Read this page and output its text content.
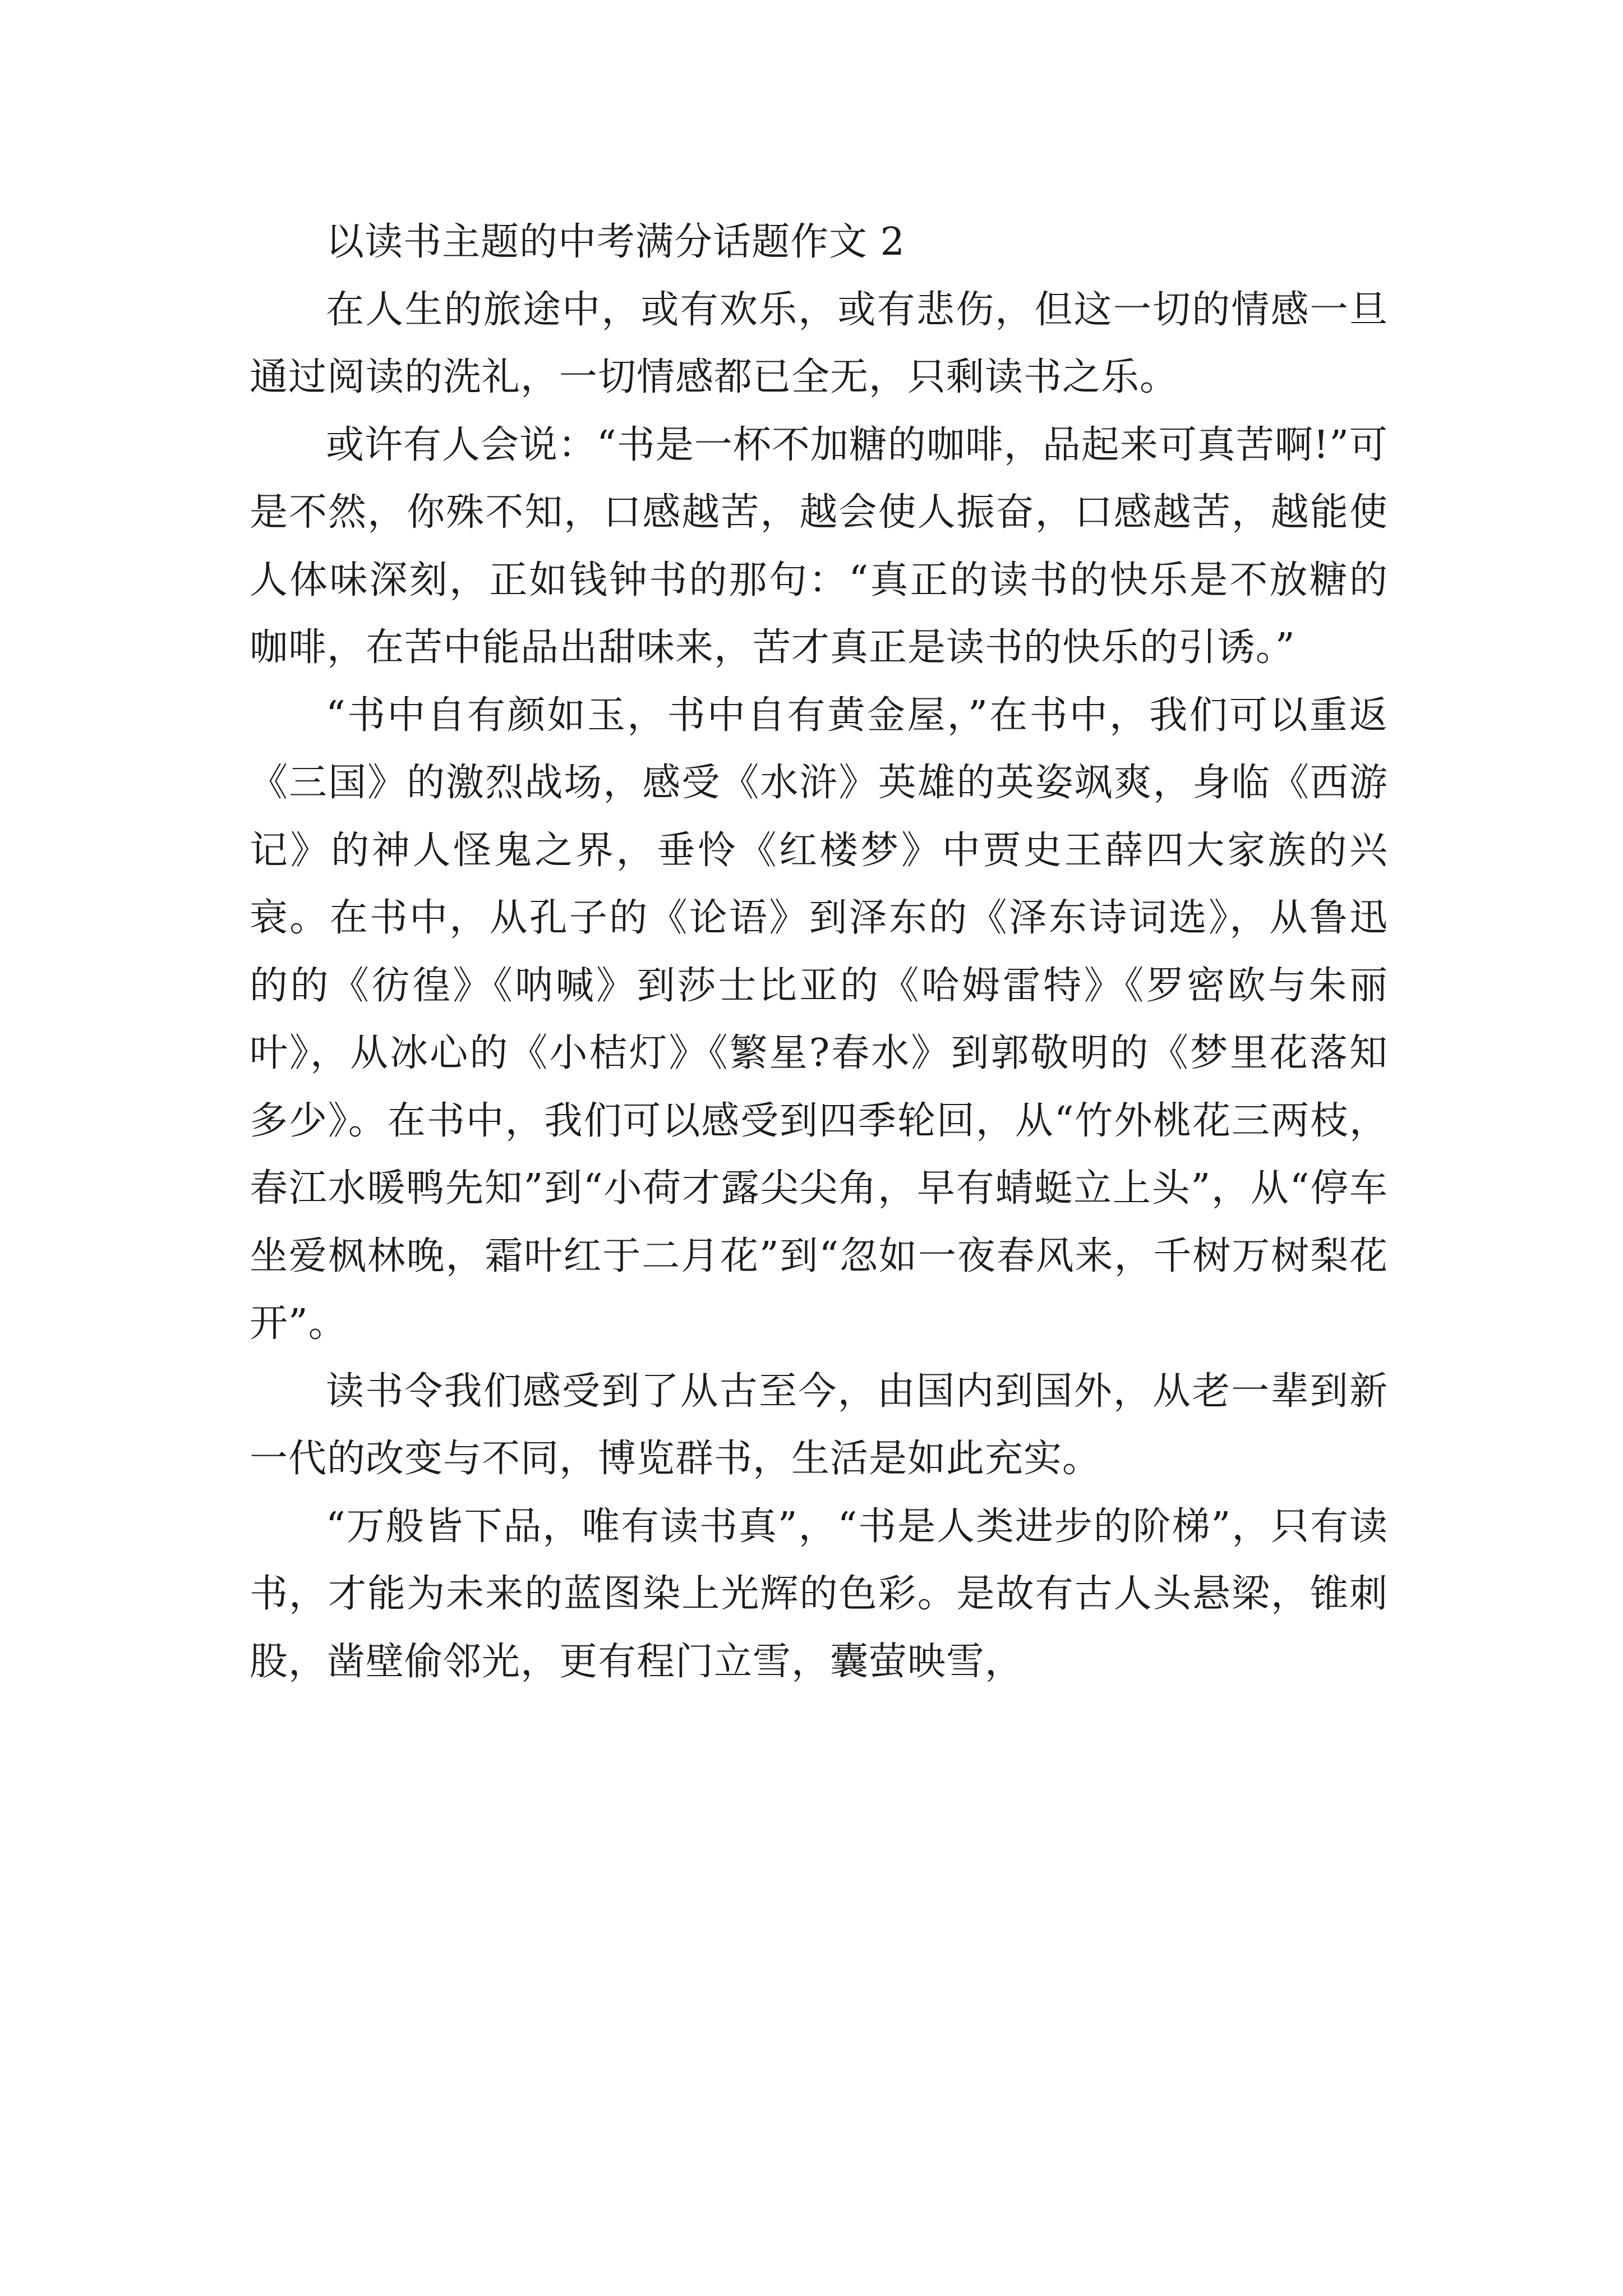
以读书主题的中考满分话题作文 2

在人生的旅途中，或有欢乐，或有悲伤，但这一切的情感一旦通过阅读的洗礼，一切情感都已全无，只剩读书之乐。

或许有人会说：“书是一杯不加糖的咖啡，品起来可真苦啊!”可是不然，你殊不知，口感越苦，越会使人振奋，口感越苦，越能使人体味深刻，正如钱钟书的那句：“真正的读书的快乐是不放糖的咖啡，在苦中能品出甜味来，苦才真正是读书的快乐的引诱。”

“书中自有颜如玉，书中自有黄金屋，”在书中，我们可以重返《三国》的激烈战场，感受《水浒》英雄的英姿飒爽，身临《西游记》的神人怪鬼之界，垂怜《红楼梦》中贾史王薛四大家族的兴衰。在书中，从孔子的《论语》到泽东的《泽东诗词选》，从鲁迅的的《彷徨》《呐喊》到莎士比亚的《哈姆雷特》《罗密欧与朱丽叶》，从冰心的《小桔灯》《繁星?春水》到郭敬明的《梦里花落知多少》。在书中，我们可以感受到四季轮回，从“竹外桃花三两枝，春江水暖鸭先知”到“小荷才露尖尖角，早有蜻蜓立上头”，从“停车坐爱枫林晚，霜叶红于二月花”到“忽如一夜春风来，千树万树梨花开”。

读书令我们感受到了从古至今，由国内到国外，从老一辈到新一代的改变与不同，博览群书，生活是如此充实。

“万般皆下品，唯有读书真”，“书是人类进步的阶梯”，只有读书，才能为未来的蓝图染上光辉的色彩。是故有古人头悬梁，锥刺股，凿壁偷邻光，更有程门立雪，囊萤映雪，
